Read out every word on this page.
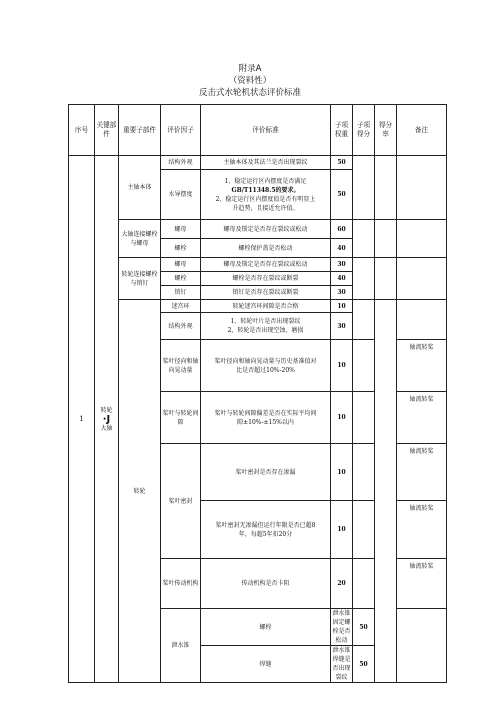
附录A
（资料性）
反击式水轮机状态评价标准
序号	关键部件	重要子部件	评价因子	评价标准	子项权重	子项得分	得分率	备注	
1	转轮
·J
大轴	主轴本体	结构外观	主轴本体及其法兰是否出现裂纹	50				
			水导摆度	1、稳定运行区内摆度是否满足
GB/T11348.5的要求。
2、稳定运行区内摆度值是否有明显上
升趋势，且接近允许值。	50				
		大轴连接螺栓与螺母	螺母	螺母及锁定是否存在裂纹或松动	60				
			螺栓	螺栓保护盖是否松动	40				
		转轮连接螺栓与销钉	螺母	螺母及锁定是否存在裂纹或松动	30				
			螺栓	螺栓是否存在裂纹或断裂	40				
			销钉	销钉是否存在裂纹或断裂	30				
		转轮	迷宫环	转轮迷宫环间隙是否合格	10				
			结构外观	1、转轮叶片是否出现裂纹
2、转轮是否出现空蚀、磨损	30				
			桨叶径向和轴向晃动量	桨叶径向和轴向晃动量与历史基准值对
比是否超过10%-20%	10			轴流转桨	
			桨叶与转轮间隙	桨叶与转轮间隙偏差是否在实际平均间
隙±10%-±15%以内	10			轴流转桨	
			桨叶密封	桨叶密封是否存在渗漏	10			轴流转桨	

				桨叶密封无渗漏但运行年限是否已超8
年，每超5年扣20分	10			轴流转桨	
			桨叶传动机构	传动机构是否卡阻	20			轴流转桨	
			泄水锥	螺栓	泄水锥固定螺栓是否松动	50			
				焊缝	泄水锥焊缝是否出现裂纹	50			
